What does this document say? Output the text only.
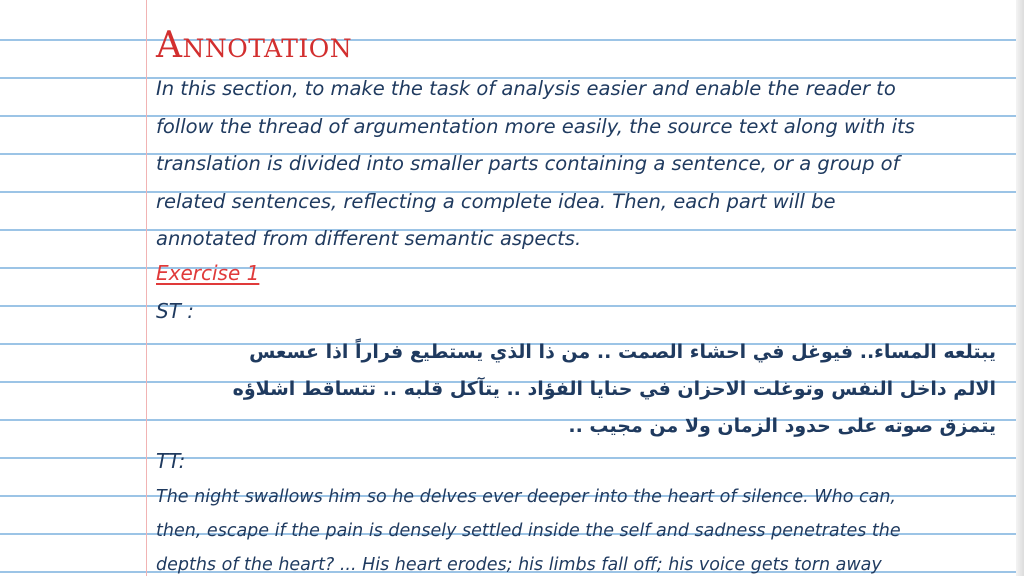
Annotation
In this section, to make the task of analysis easier and enable the reader to
follow the thread of argumentation more easily, the source text along with its
translation is divided into smaller parts containing a sentence, or a group of
related sentences, reflecting a complete idea. Then, each part will be
annotated from different semantic aspects.
Exercise 1
ST :
يبتلعه المساء.. فيوغل في احشاء الصمت .. من ذا الذي يستطيع فراراً اذا عسعس
الالم داخل النفس وتوغلت الاحزان في حنايا الفؤاد .. يتآكل قلبه .. تتساقط اشلاؤه
يتمزق صوته على حدود الزمان ولا من مجيب ..
TT:
The night swallows him so he delves ever deeper into the heart of silence. Who can,
then, escape if the pain is densely settled inside the self and sadness penetrates the
depths of the heart? ... His heart erodes; his limbs fall off; his voice gets torn away
